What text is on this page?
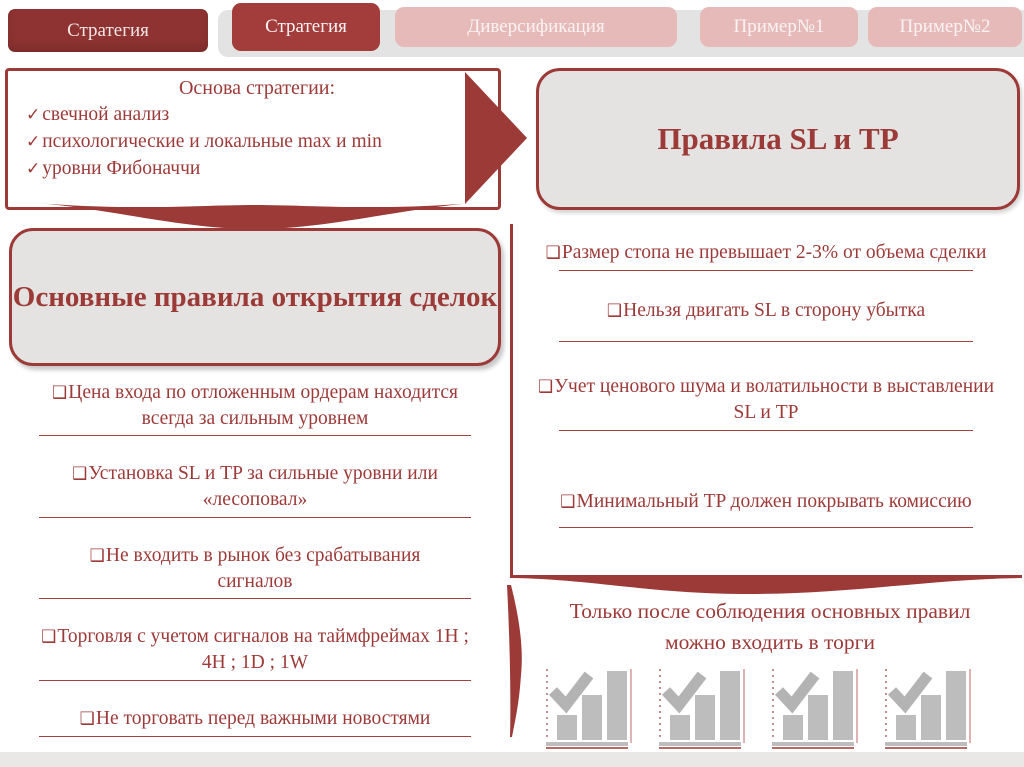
Стратегия	Стратегия	Диверсификация	Пример№1	Пример№2
Основа стратегии:
✓ свечной анализ
✓ психологические и локальные max и min
✓ уровни Фибоначчи
Правила SL и TP
Основные правила открытия сделок
❑Цена входа по отложенным ордерам находится всегда за сильным уровнем
❑Установка SL и TP за сильные уровни или «лесоповал»
❑Не входить в рынок без срабатывания сигналов
❑Торговля с учетом сигналов на таймфреймах 1H ; 4H ; 1D ; 1W
❑Не торговать перед важными новостями
❑Размер стопа не превышает 2-3% от объема сделки
❑Нельзя двигать SL в сторону убытка
❑Учет ценового шума и волатильности в выставлении SL и TP
❑Минимальный TP должен покрывать комиссию
Только после соблюдения основных правил можно входить в торги
